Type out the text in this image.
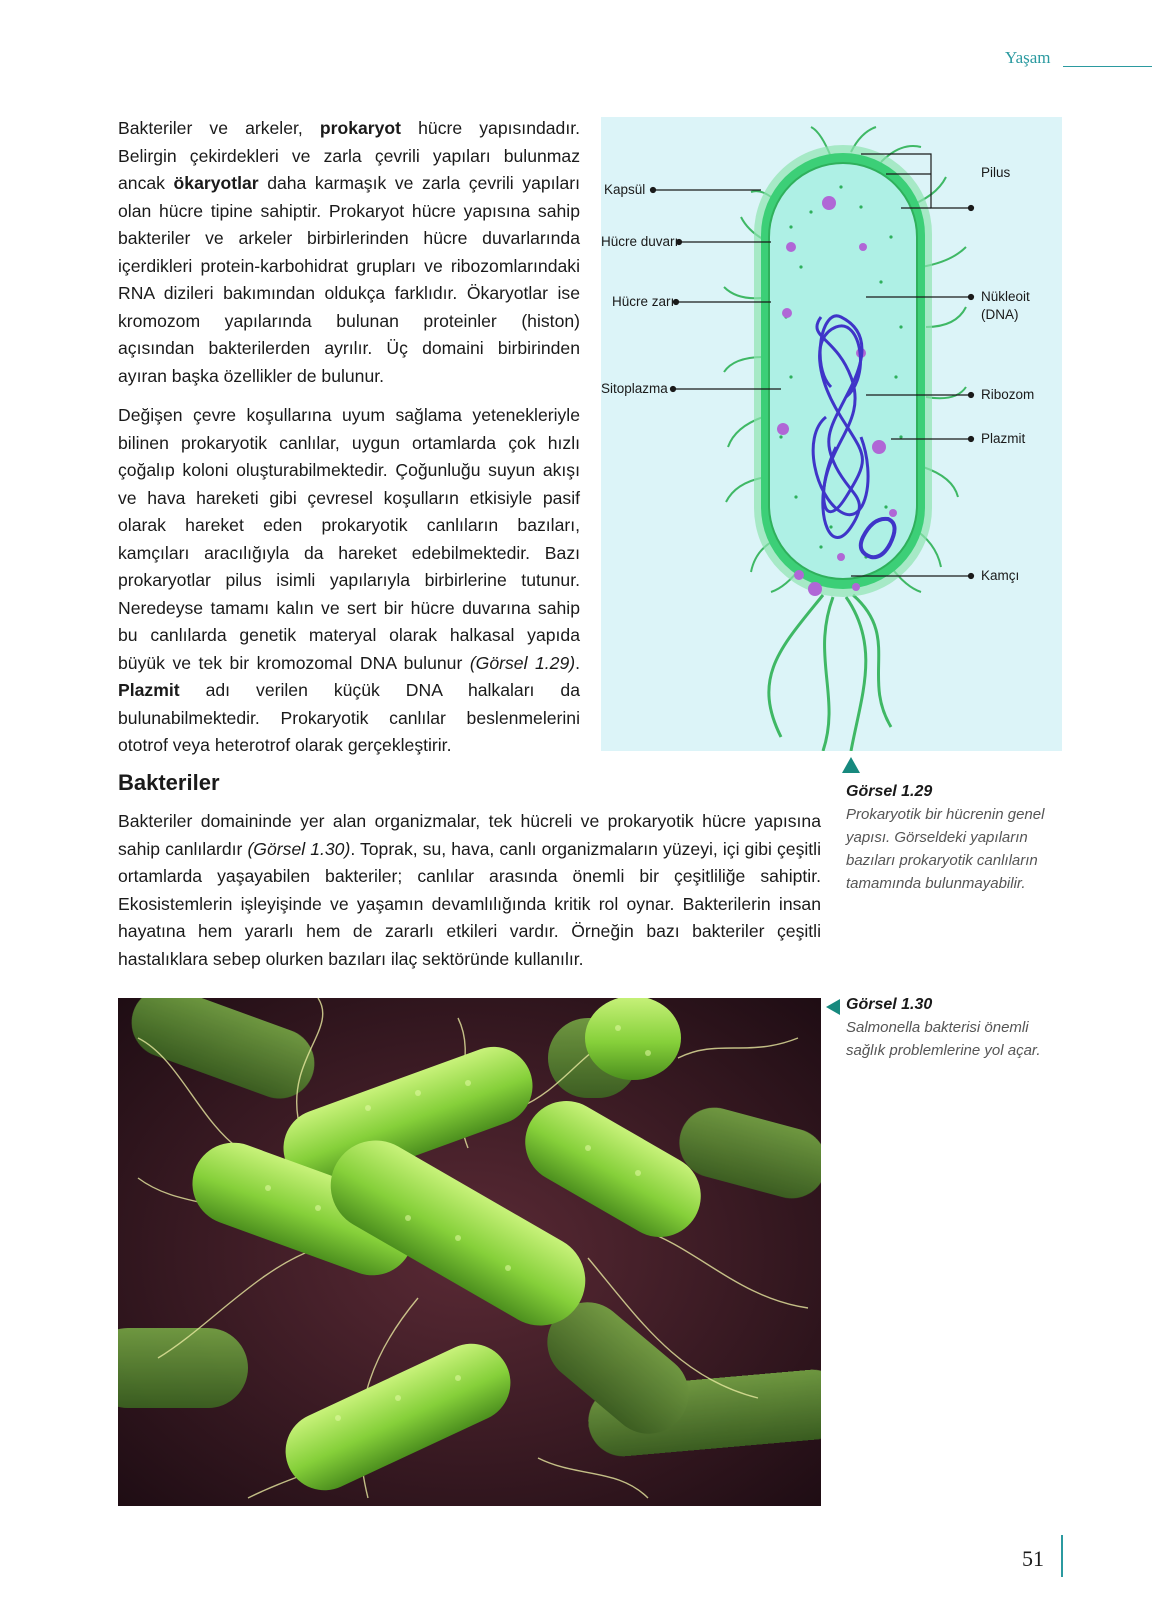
Yaşam

Bakteriler ve arkeler, prokaryot hücre yapısındadır. Belirgin çekirdekleri ve zarla çevrili yapıları bulunmaz ancak ökaryotlar daha karmaşık ve zarla çevrili yapıları olan hücre tipine sahiptir. Prokaryot hücre yapısına sahip bakteriler ve arkeler birbirlerinden hücre duvarlarında içerdikleri protein-karbohidrat grupları ve ribozomlarındaki RNA dizileri bakımından oldukça farklıdır. Ökaryotlar ise kromozom yapılarında bulunan proteinler (histon) açısından bakterilerden ayrılır. Üç domaini birbirinden ayıran başka özellikler de bulunur.

Değişen çevre koşullarına uyum sağlama yetenekleriyle bilinen prokaryotik canlılar, uygun ortamlarda çok hızlı çoğalıp koloni oluşturabilmektedir. Çoğunluğu suyun akışı ve hava hareketi gibi çevresel koşulların etkisiyle pasif olarak hareket eden prokaryotik canlıların bazıları, kamçıları aracılığıyla da hareket edebilmektedir. Bazı prokaryotlar pilus isimli yapılarıyla birbirlerine tutunur. Neredeyse tamamı kalın ve sert bir hücre duvarına sahip bu canlılarda genetik materyal olarak halkasal yapıda büyük ve tek bir kromozomal DNA bulunur (Görsel 1.29). Plazmit adı verilen küçük DNA halkaları da bulunabilmektedir. Prokaryotik canlılar beslenmelerini ototrof veya heterotrof olarak gerçekleştirir.

Bakteriler

Bakteriler domaininde yer alan organizmalar, tek hücreli ve prokaryotik hücre yapısına sahip canlılardır (Görsel 1.30). Toprak, su, hava, canlı organizmaların yüzeyi, içi gibi çeşitli ortamlarda yaşayabilen bakteriler; canlılar arasında önemli bir çeşitliliğe sahiptir. Ekosistemlerin işleyişinde ve yaşamın devamlılığında kritik rol oynar. Bakterilerin insan hayatına hem yararlı hem de zararlı etkileri vardır. Örneğin bazı bakteriler çeşitli hastalıklara sebep olurken bazıları ilaç sektöründe kullanılır.

Kapsül
Hücre duvarı
Hücre zarı
Sitoplazma
Pilus
Nükleoit
(DNA)
Ribozom
Plazmit
Kamçı
Görsel 1.29
Prokaryotik bir hücrenin genel yapısı. Görseldeki yapıların bazıları prokaryotik canlıların tamamında bulunmayabilir.
Görsel 1.30
Salmonella bakterisi önemli sağlık problemlerine yol açar.
51
